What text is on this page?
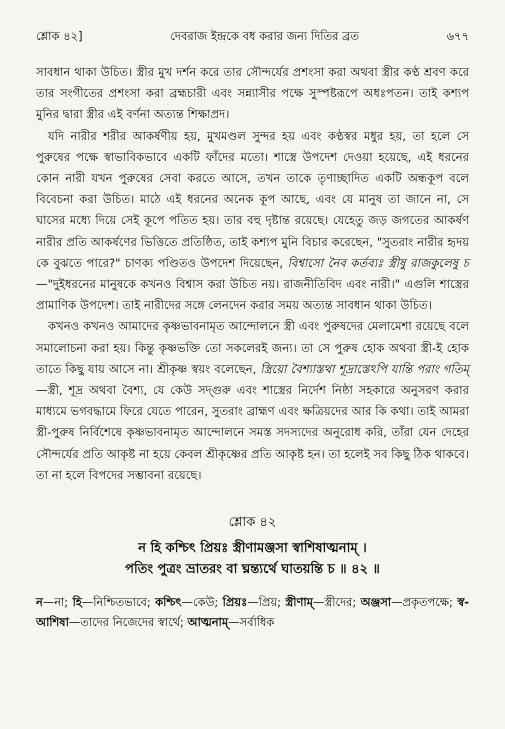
শ্লোক ৪২]	দেবরাজ ইন্দ্রকে বধ করার জন্য দিতির ব্রত	৬৭৭

সাবধান থাকা উচিত। স্ত্রীর মুখ দর্শন করে তার সৌন্দর্যের প্রশংসা করা অথবা স্ত্রীর কণ্ঠ শ্রবণ করে তার সংগীতের প্রশংসা করা ব্রহ্মচারী এবং সন্ন্যাসীর পক্ষে সুস্পষ্টরূপে অধঃপতন। তাই কশ্যপ মুনির দ্বারা স্ত্রীর এই বর্ণনা অত্যন্ত শিক্ষাপ্রদ।

যদি নারীর শরীর আকর্ষণীয় হয়, মুখমণ্ডল সুন্দর হয় এবং কণ্ঠস্বর মধুর হয়, তা হলে সে পুরুষের পক্ষে স্বাভাবিকভাবে একটি ফাঁদের মতো। শাস্ত্রে উপদেশ দেওয়া হয়েছে, এই ধরনের কোন নারী যখন পুরুষের সেবা করতে আসে, তখন তাকে তৃণাচ্ছাদিত একটি অন্ধকূপ বলে বিবেচনা করা উচিত। মাঠে এই ধরনের অনেক কূপ আছে, এবং যে মানুষ তা জানে না, সে ঘাসের মধ্যে দিয়ে সেই কূপে পতিত হয়। তার বহু দৃষ্টান্ত রয়েছে। যেহেতু জড় জগতের আকর্ষণ নারীর প্রতি আকর্ষণের ভিত্তিতে প্রতিষ্ঠিত, তাই কশ্যপ মুনি বিচার করেছেন, "সুতরাং নারীর হৃদয় কে বুঝতে পারে?" চাণক্য পণ্ডিতও উপদেশ দিয়েছেন, বিশ্বাসো নৈব কর্তব্যঃ স্ত্রীষু রাজকুলেষু চ—"দুইধরনের মানুষকে কখনও বিশ্বাস করা উচিত নয়। রাজনীতিবিদ এবং নারী।" এগুলি শাস্ত্রের প্রামাণিক উপদেশ। তাই নারীদের সঙ্গে লেনদেন করার সময় অত্যন্ত সাবধান থাকা উচিত।

কখনও কখনও আমাদের কৃষ্ণভাবনামৃত আন্দোলনে স্ত্রী এবং পুরুষদের মেলামেশা রয়েছে বলে সমালোচনা করা হয়। কিন্তু কৃষ্ণভক্তি তো সকলেরই জন্য। তা সে পুরুষ হোক অথবা স্ত্রী-ই হোক তাতে কিছু যায় আসে না। শ্রীকৃষ্ণ স্বয়ং বলেছেন, স্ত্রিয়ো বৈশ্যাস্তথা শূদ্রাস্তেঽপি যান্তি পরাং গতিম্—স্ত্রী, শূদ্র অথবা বৈশ্য, যে কেউ সদ্গুরু এবং শাস্ত্রের নির্দেশ নিষ্ঠা সহকারে অনুসরণ করার মাধ্যমে ভগবদ্ধামে ফিরে যেতে পারেন, সুতরাং ব্রাহ্মণ এবং ক্ষত্রিয়দের আর কি কথা। তাই আমরা স্ত্রী-পুরুষ নির্বিশেষে কৃষ্ণভাবনামৃত আন্দোলনে সমস্ত সদস্যদের অনুরোধ করি, তাঁরা যেন দেহের সৌন্দর্যের প্রতি আকৃষ্ট না হয়ে কেবল শ্রীকৃষ্ণের প্রতি আকৃষ্ট হন। তা হলেই সব কিছু ঠিক থাকবে। তা না হলে বিপদের সম্ভাবনা রয়েছে।

শ্লোক ৪২
ন হি কশ্চিৎ প্রিয়ঃ স্ত্রীণামঞ্জসা স্বাশিষাত্মনাম্ ।
পতিং পুত্রং ভ্রাতরং বা ঘ্নন্ত্যর্থে ঘাতয়ন্তি চ ॥ ৪২ ॥
ন—না; হি—নিশ্চিতভাবে; কশ্চিৎ—কেউ; প্রিয়ঃ—প্রিয়; স্ত্রীণাম্—স্ত্রীদের; অঞ্জসা—প্রকৃতপক্ষে; স্ব-আশিষা—তাদের নিজেদের স্বার্থে; আত্মনাম্—সর্বাধিক
